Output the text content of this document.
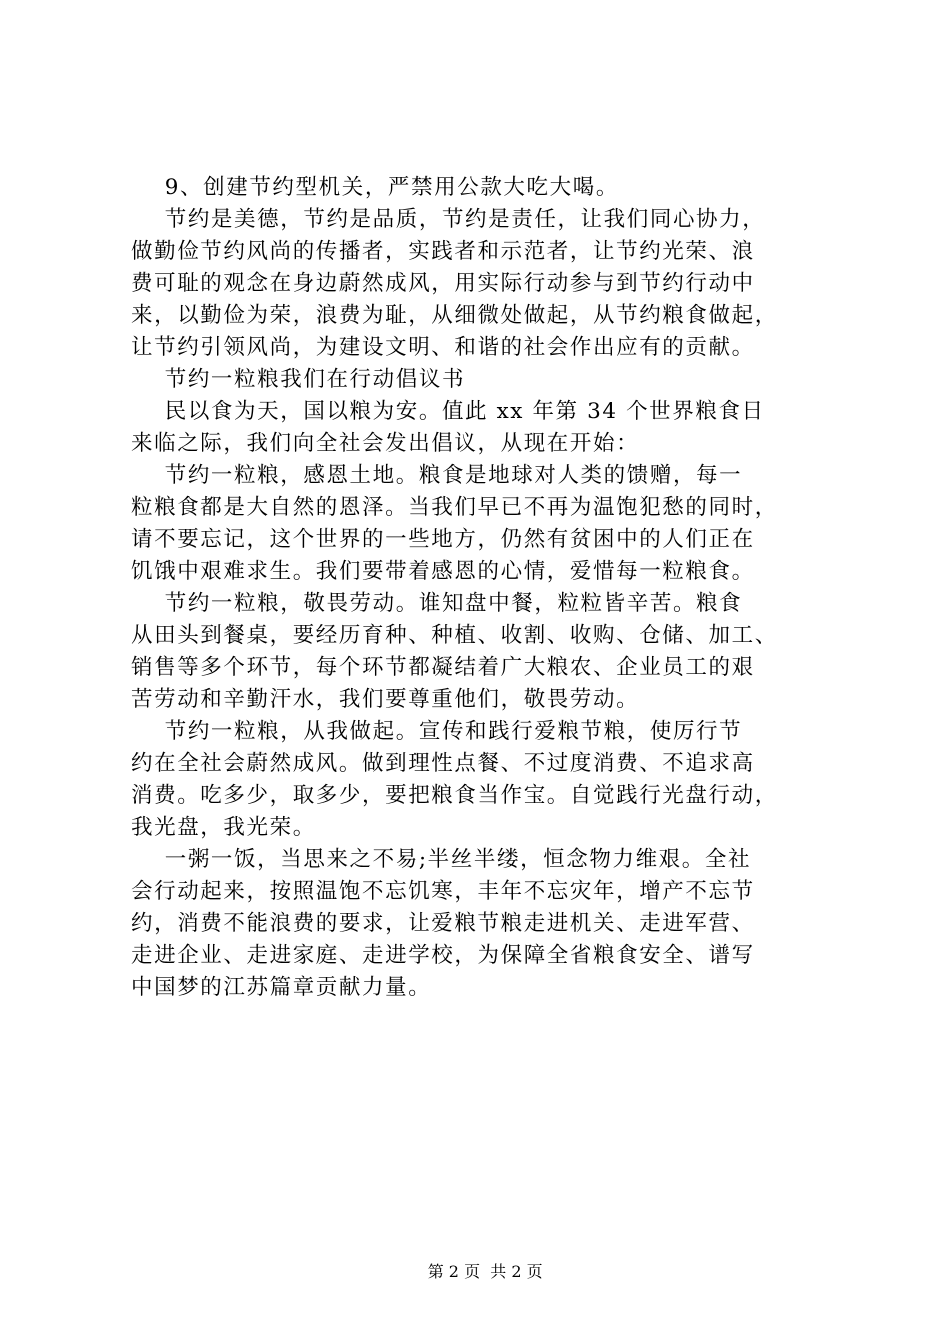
9、创建节约型机关，严禁用公款大吃大喝。
节约是美德，节约是品质，节约是责任，让我们同心协力，
做勤俭节约风尚的传播者，实践者和示范者，让节约光荣、浪
费可耻的观念在身边蔚然成风，用实际行动参与到节约行动中
来，以勤俭为荣，浪费为耻，从细微处做起，从节约粮食做起，
让节约引领风尚，为建设文明、和谐的社会作出应有的贡献。
节约一粒粮我们在行动倡议书
民以食为天，国以粮为安。值此 xx 年第 34 个世界粮食日
来临之际，我们向全社会发出倡议，从现在开始：
节约一粒粮，感恩土地。粮食是地球对人类的馈赠，每一
粒粮食都是大自然的恩泽。当我们早已不再为温饱犯愁的同时，
请不要忘记，这个世界的一些地方，仍然有贫困中的人们正在
饥饿中艰难求生。我们要带着感恩的心情，爱惜每一粒粮食。
节约一粒粮，敬畏劳动。谁知盘中餐，粒粒皆辛苦。粮食
从田头到餐桌，要经历育种、种植、收割、收购、仓储、加工、
销售等多个环节，每个环节都凝结着广大粮农、企业员工的艰
苦劳动和辛勤汗水，我们要尊重他们，敬畏劳动。
节约一粒粮，从我做起。宣传和践行爱粮节粮，使厉行节
约在全社会蔚然成风。做到理性点餐、不过度消费、不追求高
消费。吃多少，取多少，要把粮食当作宝。自觉践行光盘行动，
我光盘，我光荣。
一粥一饭，当思来之不易;半丝半缕，恒念物力维艰。全社
会行动起来，按照温饱不忘饥寒，丰年不忘灾年，增产不忘节
约，消费不能浪费的要求，让爱粮节粮走进机关、走进军营、
走进企业、走进家庭、走进学校，为保障全省粮食安全、谱写
中国梦的江苏篇章贡献力量。

第 2 页  共 2 页
